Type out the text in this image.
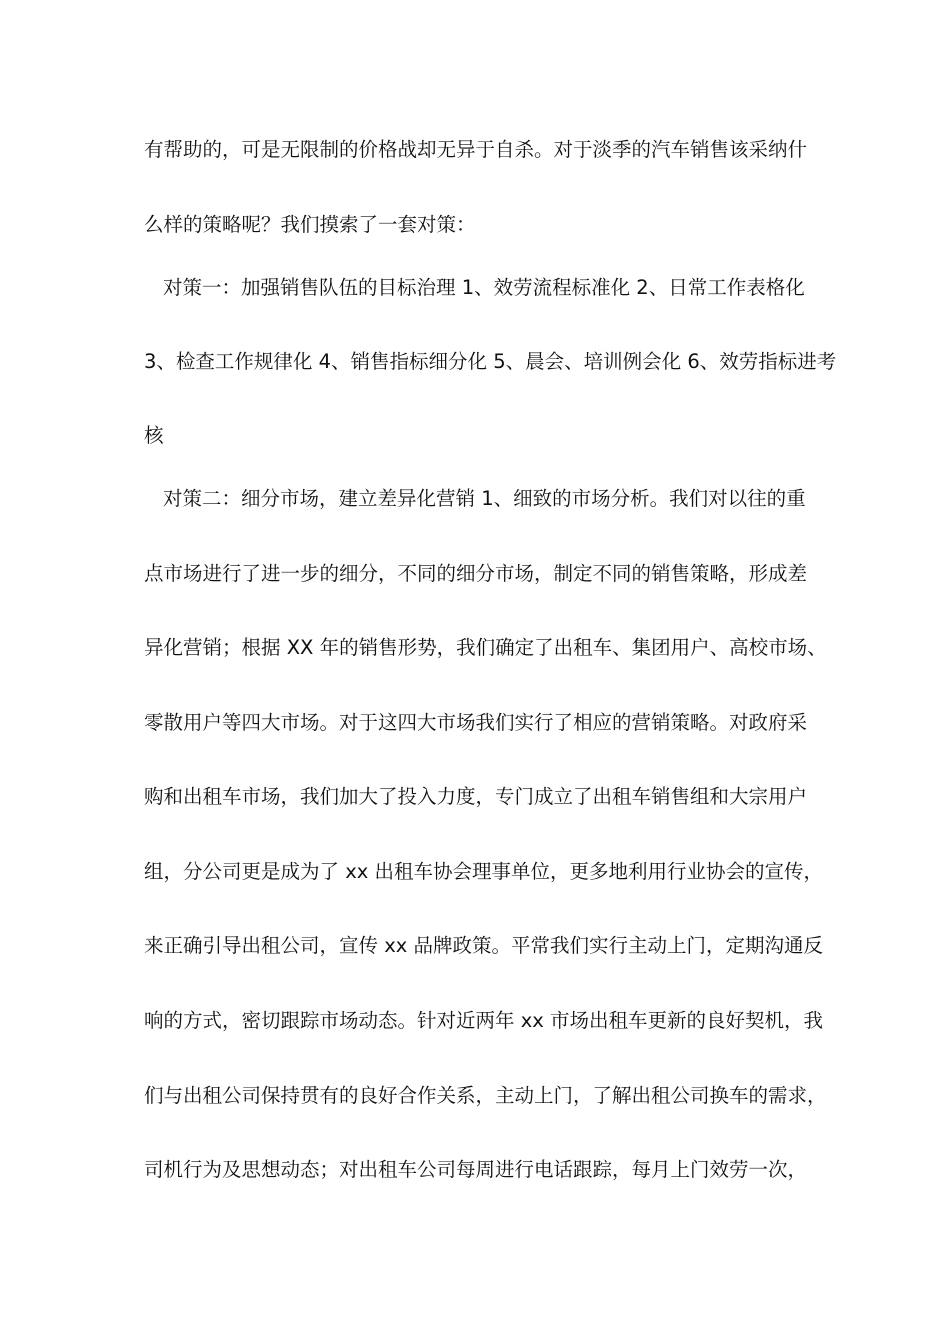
有帮助的，可是无限制的价格战却无异于自杀。对于淡季的汽车销售该采纳什
么样的策略呢？我们摸索了一套对策：
对策一：加强销售队伍的目标治理 1、效劳流程标准化 2、日常工作表格化
3、检查工作规律化 4、销售指标细分化 5、晨会、培训例会化 6、效劳指标进考
核
对策二：细分市场，建立差异化营销 1、细致的市场分析。我们对以往的重
点市场进行了进一步的细分，不同的细分市场，制定不同的销售策略，形成差
异化营销；根据 XX 年的销售形势，我们确定了出租车、集团用户、高校市场、
零散用户等四大市场。对于这四大市场我们实行了相应的营销策略。对政府采
购和出租车市场，我们加大了投入力度，专门成立了出租车销售组和大宗用户
组，分公司更是成为了 xx 出租车协会理事单位，更多地利用行业协会的宣传，
来正确引导出租公司，宣传 xx 品牌政策。平常我们实行主动上门，定期沟通反
响的方式，密切跟踪市场动态。针对近两年 xx 市场出租车更新的良好契机，我
们与出租公司保持贯有的良好合作关系，主动上门，了解出租公司换车的需求，
司机行为及思想动态；对出租车公司每周进行电话跟踪，每月上门效劳一次，
